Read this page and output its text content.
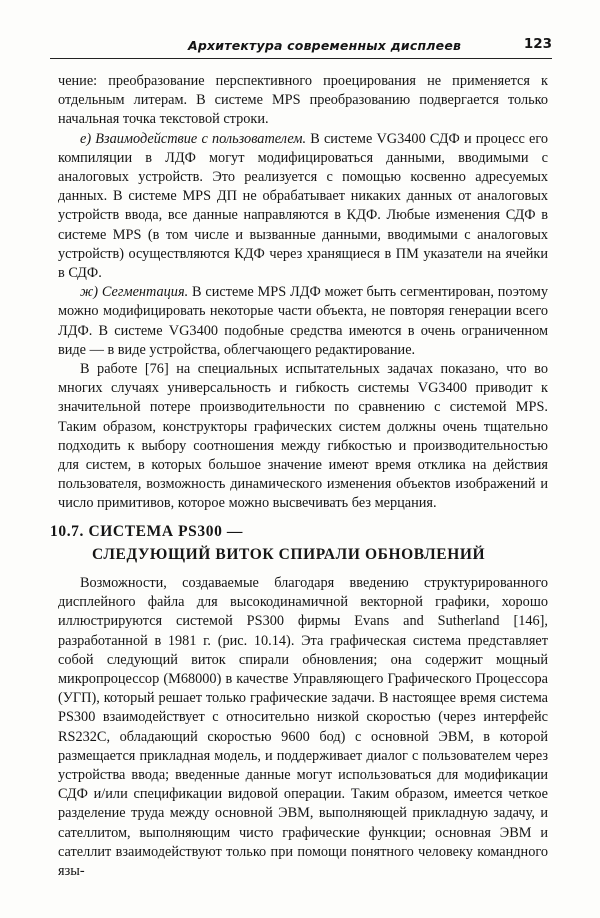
Архитектура современных дисплеев	123

чение: преобразование перспективного проецирования не применяется к отдельным литерам. В системе MPS преобразованию подвергается только начальная точка текстовой строки.

е) Взаимодействие с пользователем. В системе VG3400 СДФ и процесс его компиляции в ЛДФ могут модифицироваться данными, вводимыми с аналоговых устройств. Это реализуется с помощью косвенно адресуемых данных. В системе MPS ДП не обрабатывает никаких данных от аналоговых устройств ввода, все данные направляются в КДФ. Любые изменения СДФ в системе MPS (в том числе и вызванные данными, вводимыми с аналоговых устройств) осуществляются КДФ через хранящиеся в ПМ указатели на ячейки в СДФ.

ж) Сегментация. В системе MPS ЛДФ может быть сегментирован, поэтому можно модифицировать некоторые части объекта, не повторяя генерации всего ЛДФ. В системе VG3400 подобные средства имеются в очень ограниченном виде — в виде устройства, облегчающего редактирование.

В работе [76] на специальных испытательных задачах показано, что во многих случаях универсальность и гибкость системы VG3400 приводит к значительной потере производительности по сравнению с системой MPS. Таким образом, конструкторы графических систем должны очень тщательно подходить к выбору соотношения между гибкостью и производительностью для систем, в которых большое значение имеют время отклика на действия пользователя, возможность динамического изменения объектов изображений и число примитивов, которое можно высвечивать без мерцания.

10.7. СИСТЕМА PS300 —
СЛЕДУЮЩИЙ ВИТОК СПИРАЛИ ОБНОВЛЕНИЙ

Возможности, создаваемые благодаря введению структурированного дисплейного файла для высокодинамичной векторной графики, хорошо иллюстрируются системой PS300 фирмы Evans and Sutherland [146], разработанной в 1981 г. (рис. 10.14). Эта графическая система представляет собой следующий виток спирали обновления; она содержит мощный микропроцессор (M68000) в качестве Управляющего Графического Процессора (УГП), который решает только графические задачи. В настоящее время система PS300 взаимодействует с относительно низкой скоростью (через интерфейс RS232C, обладающий скоростью 9600 бод) с основной ЭВМ, в которой размещается прикладная модель, и поддерживает диалог с пользователем через устройства ввода; введенные данные могут использоваться для модификации СДФ и/или спецификации видовой операции. Таким образом, имеется четкое разделение труда между основной ЭВМ, выполняющей прикладную задачу, и сателлитом, выполняющим чисто графические функции; основная ЭВМ и сателлит взаимодействуют только при помощи понятного человеку командного язы-
